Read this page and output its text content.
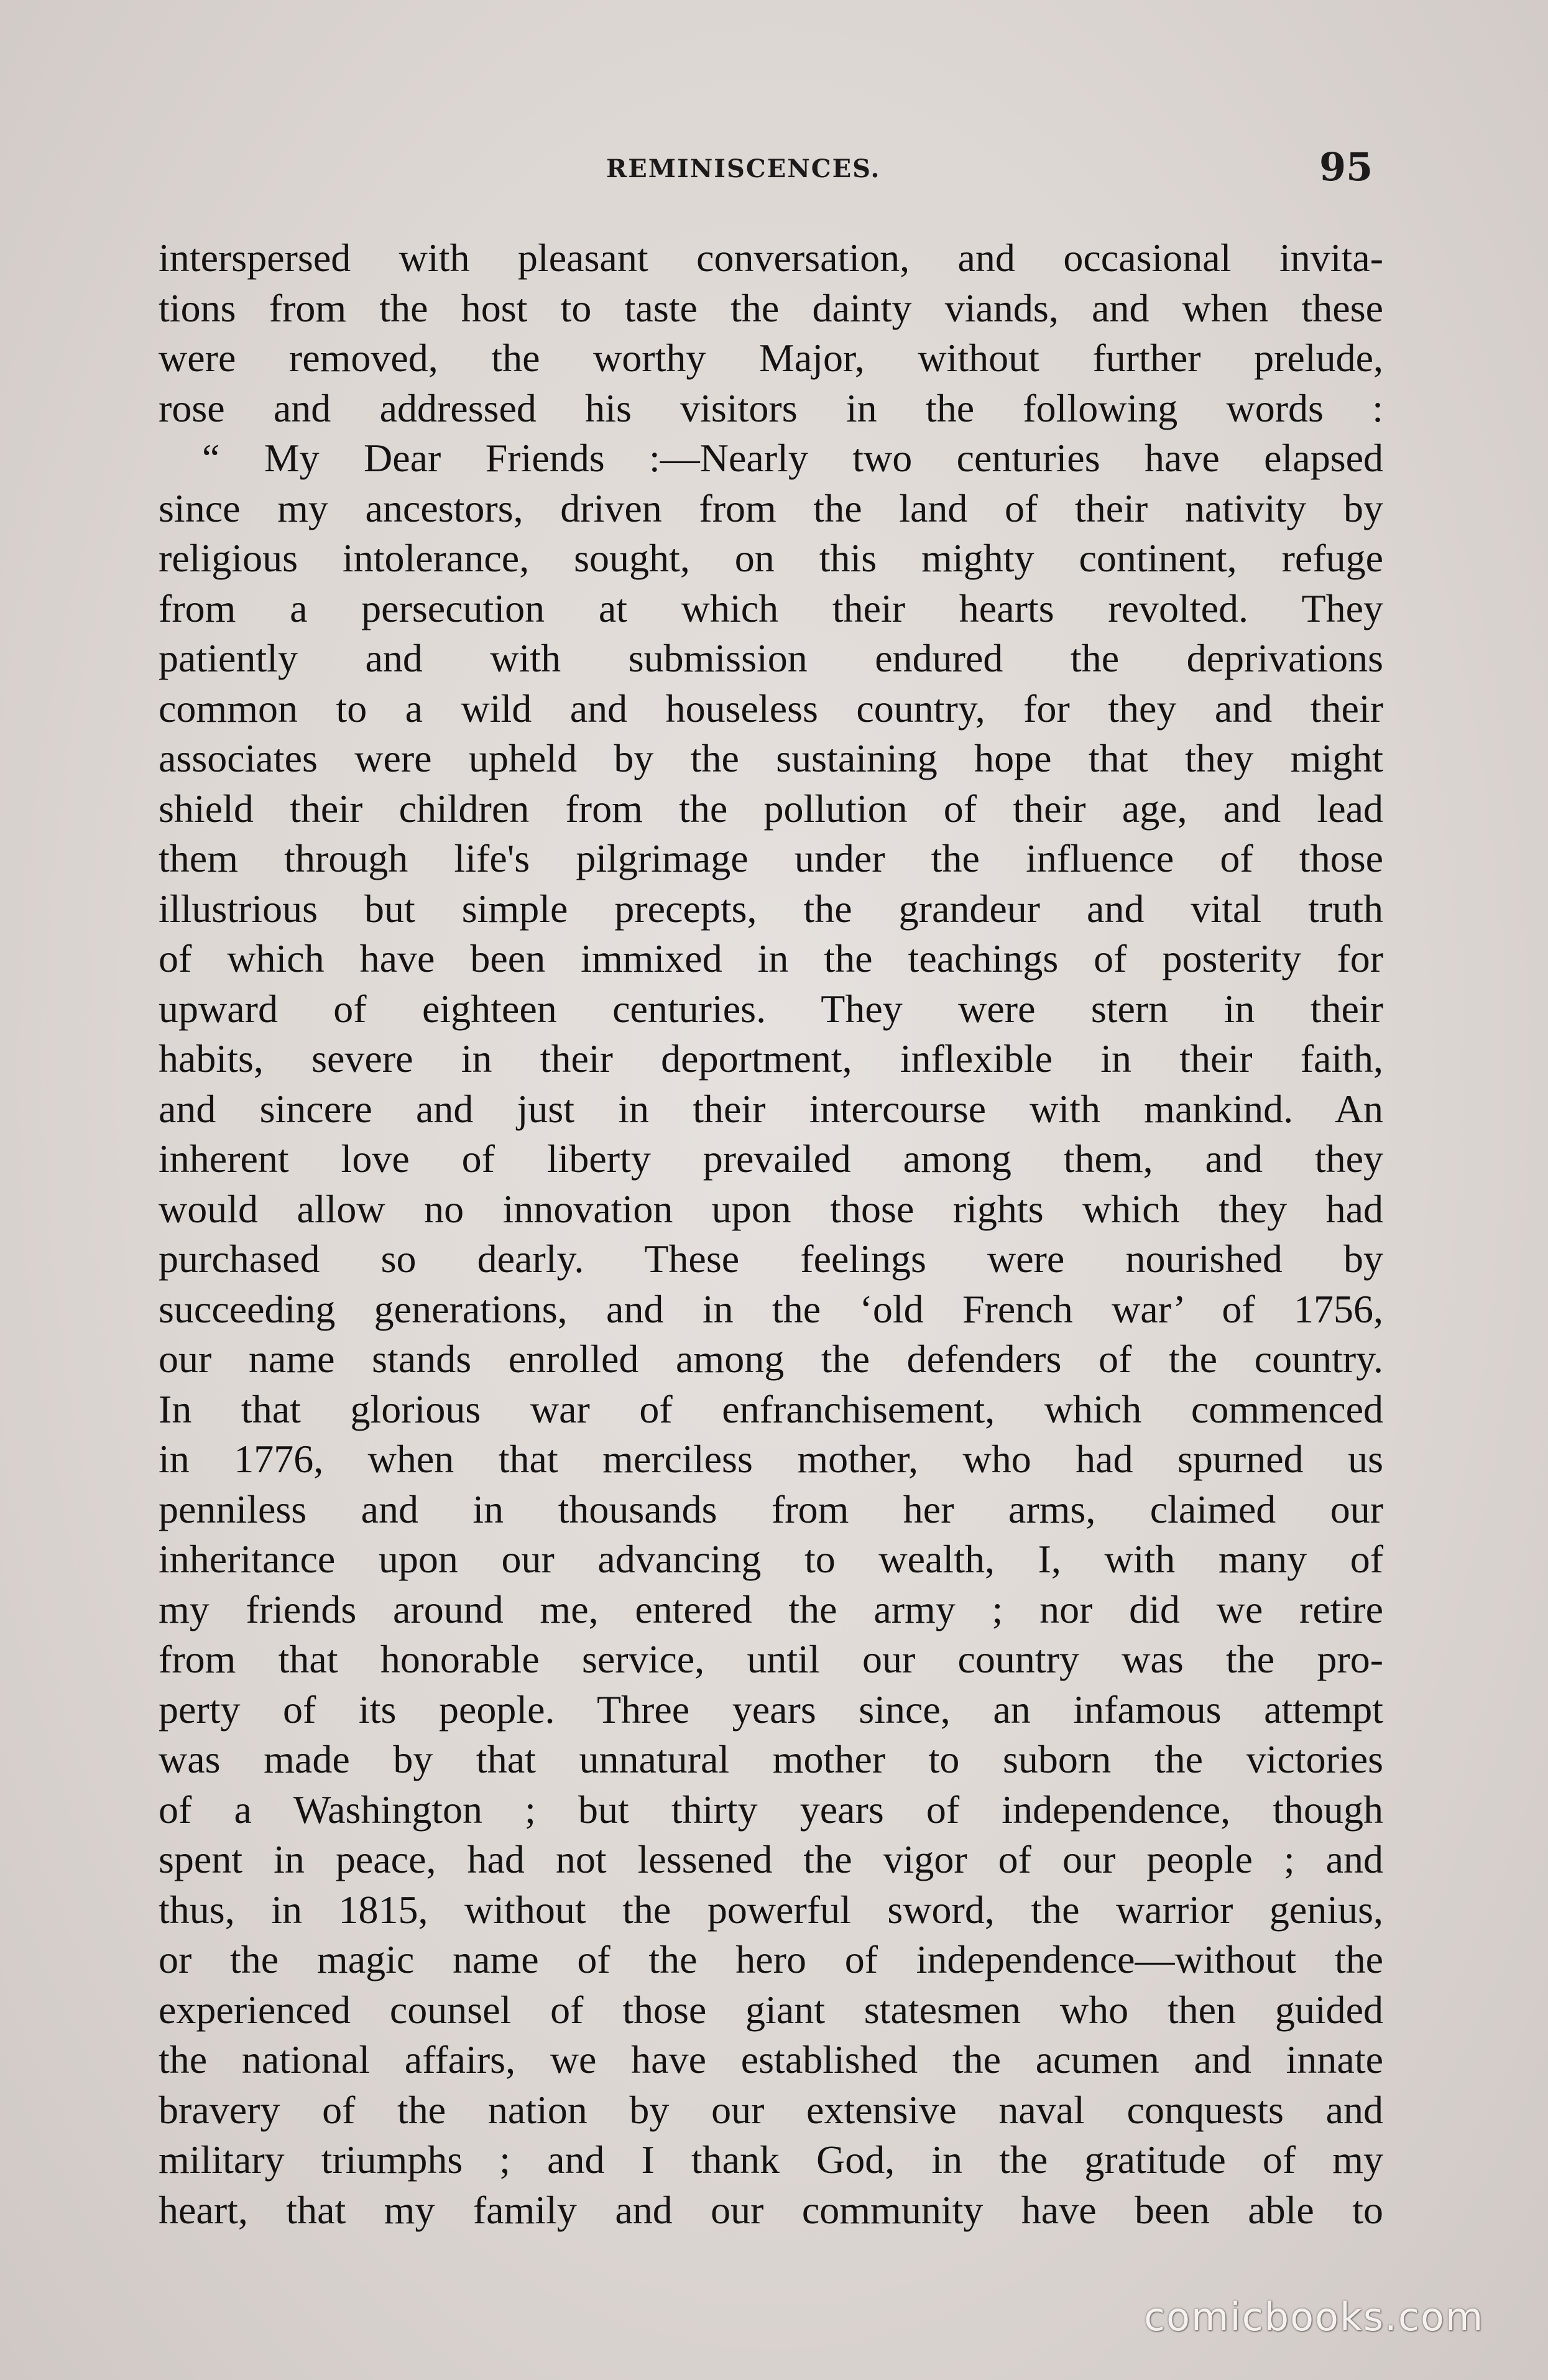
REMINISCENCES.	95
interspersed with pleasant conversation, and occasional invita-
tions from the host to taste the dainty viands, and when these
were removed, the worthy Major, without further prelude,
rose and addressed his visitors in the following words :
“ My Dear Friends :—Nearly two centuries have elapsed
since my ancestors, driven from the land of their nativity by
religious intolerance, sought, on this mighty continent, refuge
from a persecution at which their hearts revolted. They
patiently and with submission endured the deprivations
common to a wild and houseless country, for they and their
associates were upheld by the sustaining hope that they might
shield their children from the pollution of their age, and lead
them through life's pilgrimage under the influence of those
illustrious but simple precepts, the grandeur and vital truth
of which have been immixed in the teachings of posterity for
upward of eighteen centuries. They were stern in their
habits, severe in their deportment, inflexible in their faith,
and sincere and just in their intercourse with mankind. An
inherent love of liberty prevailed among them, and they
would allow no innovation upon those rights which they had
purchased so dearly. These feelings were nourished by
succeeding generations, and in the ‘old French war’ of 1756,
our name stands enrolled among the defenders of the country.
In that glorious war of enfranchisement, which commenced
in 1776, when that merciless mother, who had spurned us
penniless and in thousands from her arms, claimed our
inheritance upon our advancing to wealth, I, with many of
my friends around me, entered the army ; nor did we retire
from that honorable service, until our country was the pro-
perty of its people. Three years since, an infamous attempt
was made by that unnatural mother to suborn the victories
of a Washington ; but thirty years of independence, though
spent in peace, had not lessened the vigor of our people ; and
thus, in 1815, without the powerful sword, the warrior genius,
or the magic name of the hero of independence—without the
experienced counsel of those giant statesmen who then guided
the national affairs, we have established the acumen and innate
bravery of the nation by our extensive naval conquests and
military triumphs ; and I thank God, in the gratitude of my
heart, that my family and our community have been able to
comicbooks.com
